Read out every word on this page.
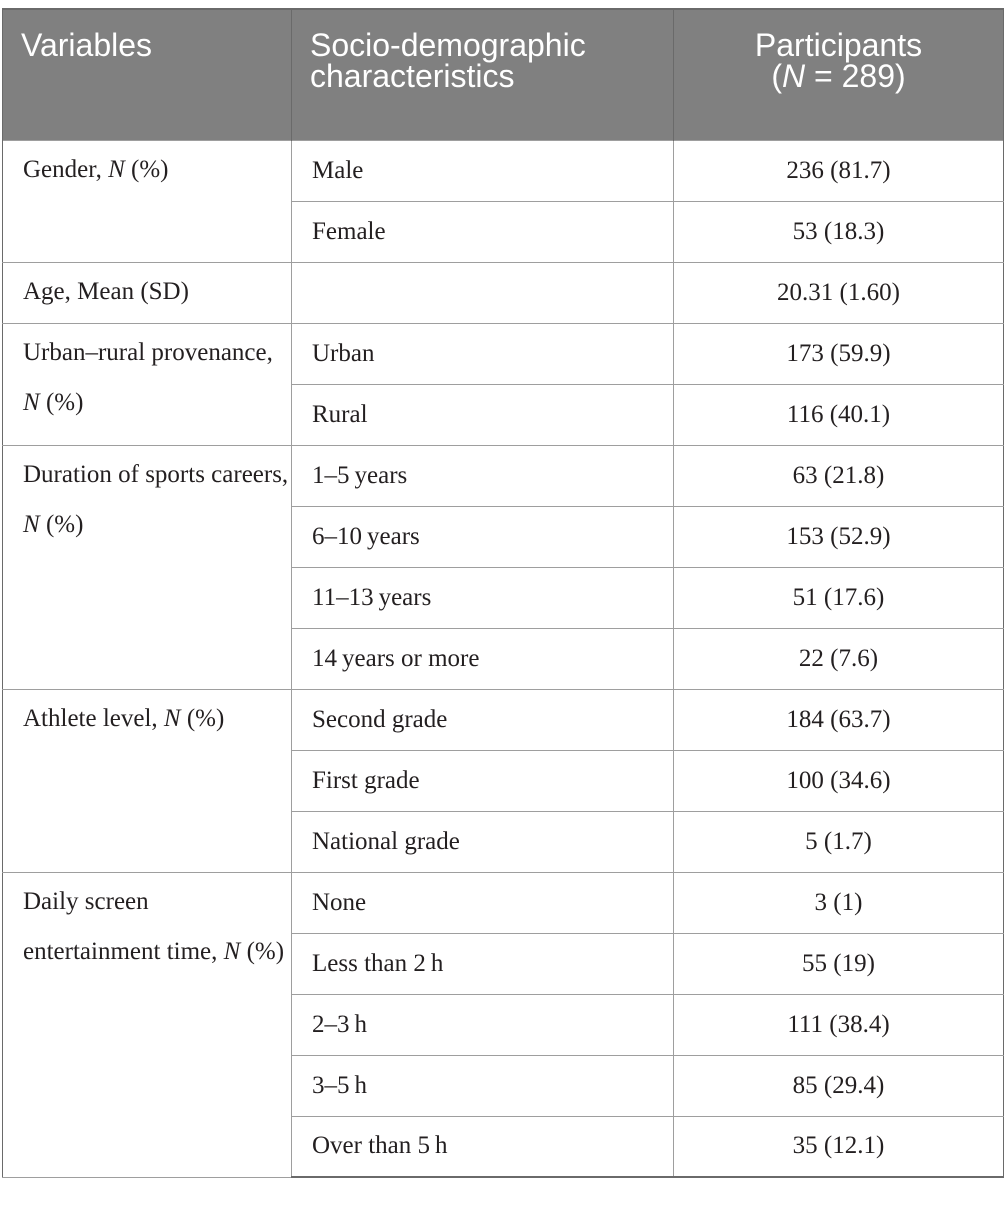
Variables	Socio-demographic characteristics	Participants
(N = 289)
Gender, N (%)	Male	236 (81.7)
	Female	53 (18.3)
Age, Mean (SD)		20.31 (1.60)
Urban–rural provenance, N (%)	Urban	173 (59.9)
	Rural	116 (40.1)
Duration of sports careers, N (%)	1–5 years	63 (21.8)
	6–10 years	153 (52.9)
	11–13 years	51 (17.6)
	14 years or more	22 (7.6)
Athlete level, N (%)	Second grade	184 (63.7)
	First grade	100 (34.6)
	National grade	5 (1.7)
Daily screen entertainment time, N (%)	None	3 (1)
	Less than 2 h	55 (19)
	2–3 h	111 (38.4)
	3–5 h	85 (29.4)
	Over than 5 h	35 (12.1)
